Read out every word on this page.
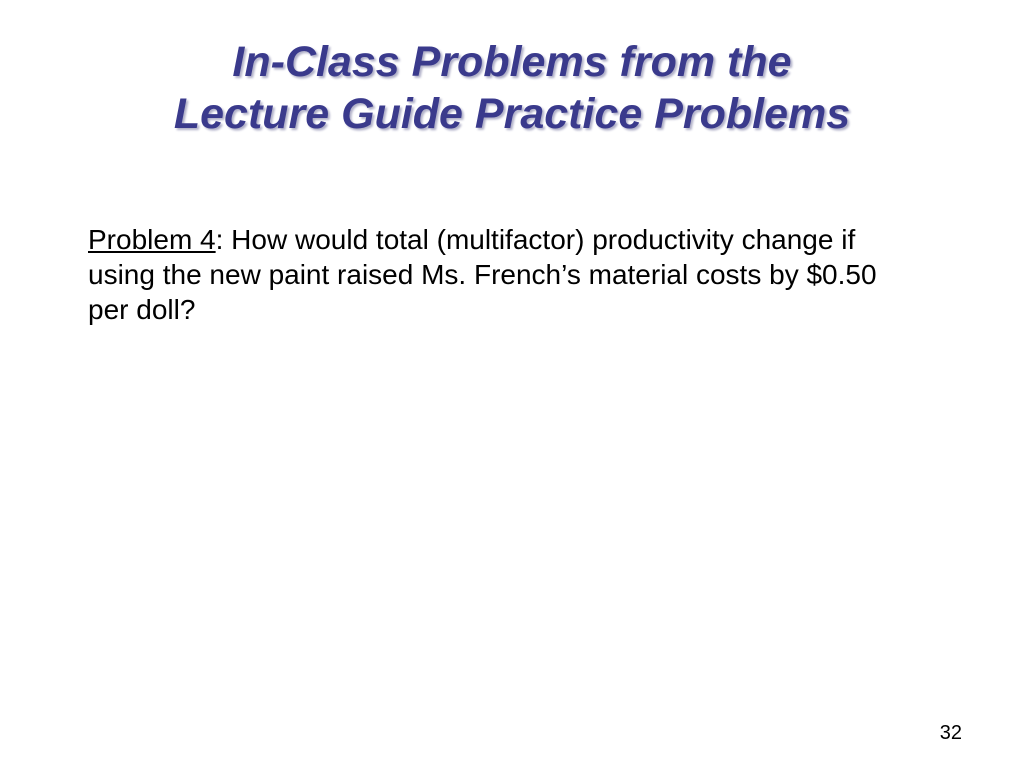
In-Class Problems from the
Lecture Guide Practice Problems

Problem 4: How would total (multifactor) productivity change if using the new paint raised Ms. French’s material costs by $0.50 per doll?

32
